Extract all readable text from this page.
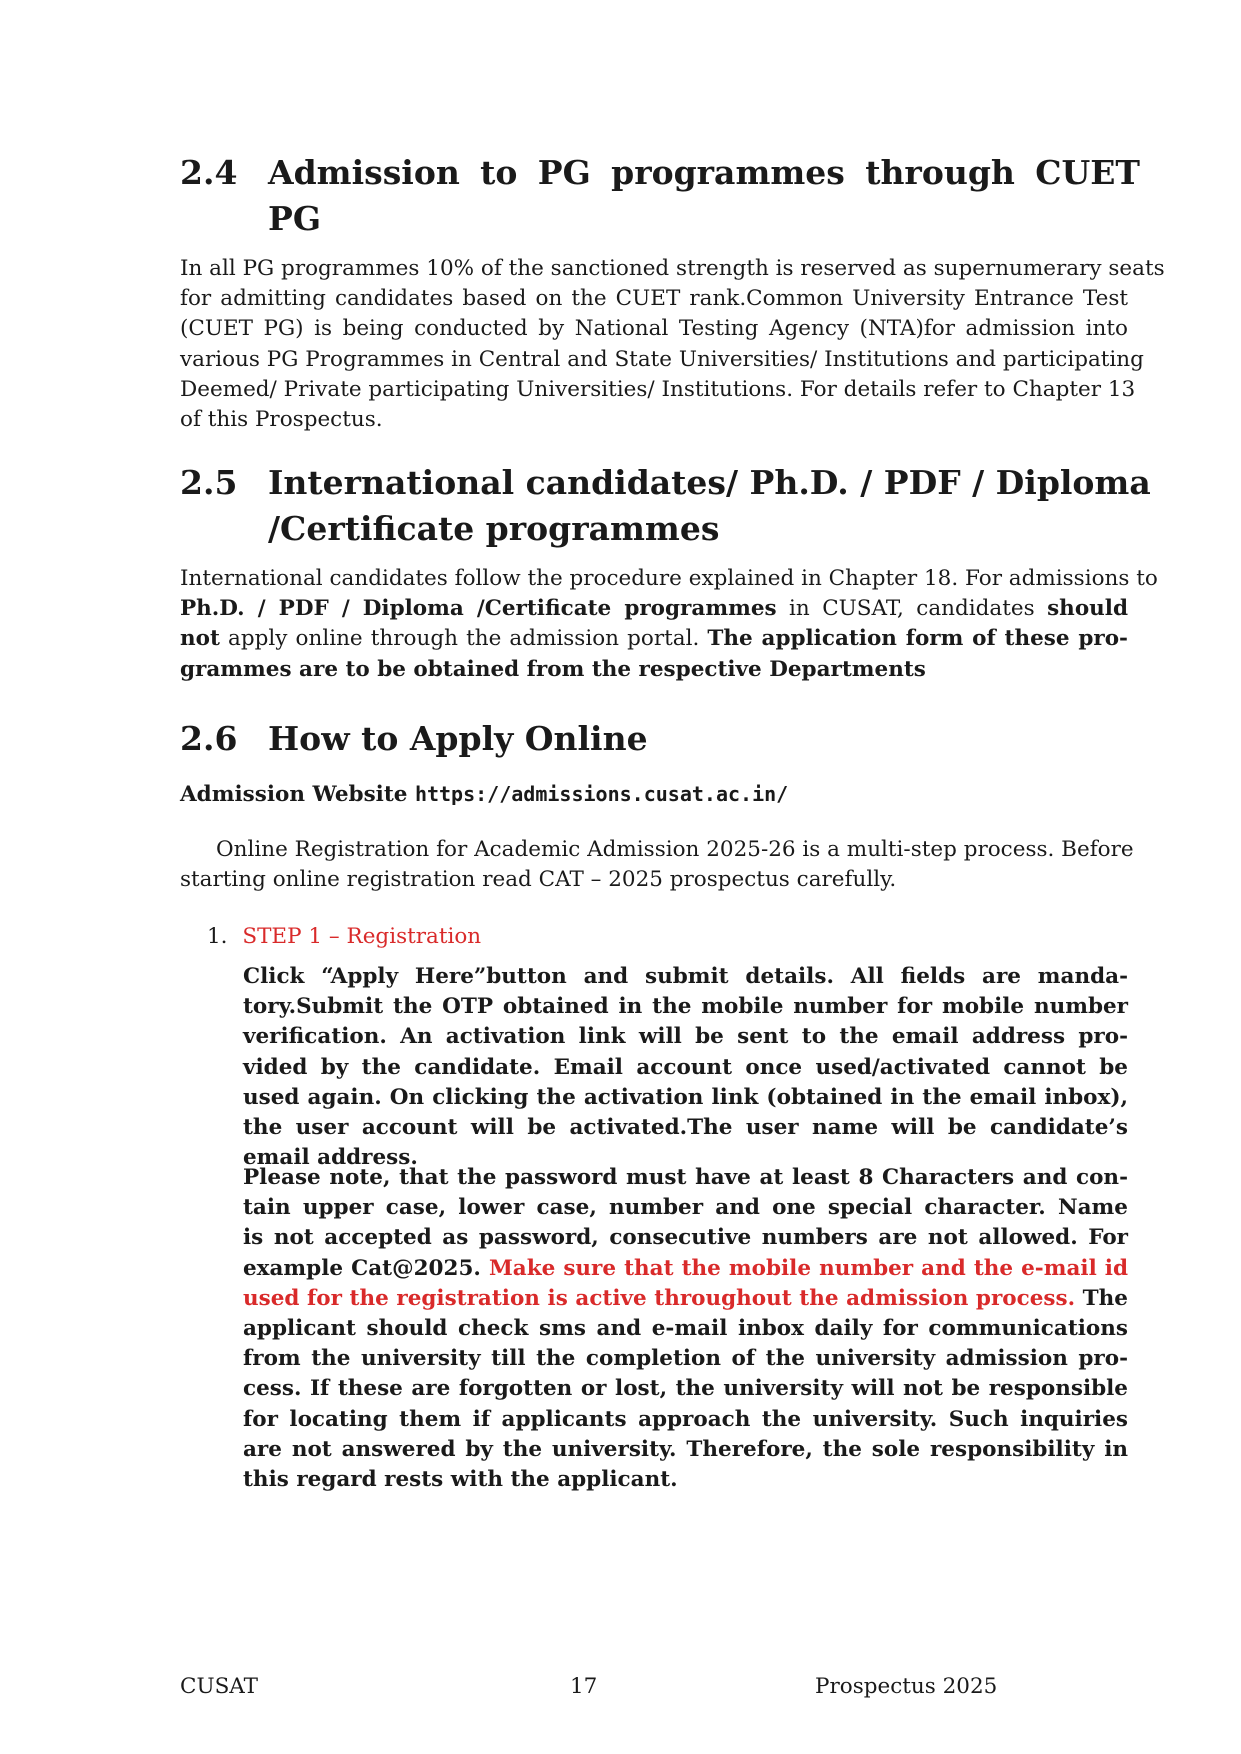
2.4 Admission to PG programmes through CUET
PG
In all PG programmes 10% of the sanctioned strength is reserved as supernumerary seats
for admitting candidates based on the CUET rank.Common University Entrance Test
(CUET PG) is being conducted by National Testing Agency (NTA)for admission into
various PG Programmes in Central and State Universities/ Institutions and participating
Deemed/ Private participating Universities/ Institutions. For details refer to Chapter 13
of this Prospectus.
2.5 International candidates/ Ph.D. / PDF / Diploma
/Certificate programmes
International candidates follow the procedure explained in Chapter 18. For admissions to
Ph.D. / PDF / Diploma /Certificate programmes in CUSAT, candidates should
not apply online through the admission portal. The application form of these pro-
grammes are to be obtained from the respective Departments
2.6 How to Apply Online
Admission Website https://admissions.cusat.ac.in/
Online Registration for Academic Admission 2025-26 is a multi-step process. Before
starting online registration read CAT – 2025 prospectus carefully.
1. STEP 1 – Registration
Click “Apply Here”button and submit details. All fields are manda-
tory.Submit the OTP obtained in the mobile number for mobile number
verification. An activation link will be sent to the email address pro-
vided by the candidate. Email account once used/activated cannot be
used again. On clicking the activation link (obtained in the email inbox),
the user account will be activated.The user name will be candidate’s
email address.
Please note, that the password must have at least 8 Characters and con-
tain upper case, lower case, number and one special character. Name
is not accepted as password, consecutive numbers are not allowed. For
example Cat@2025. Make sure that the mobile number and the e-mail id
used for the registration is active throughout the admission process. The
applicant should check sms and e-mail inbox daily for communications
from the university till the completion of the university admission pro-
cess. If these are forgotten or lost, the university will not be responsible
for locating them if applicants approach the university. Such inquiries
are not answered by the university. Therefore, the sole responsibility in
this regard rests with the applicant.
CUSAT	17	Prospectus 2025
